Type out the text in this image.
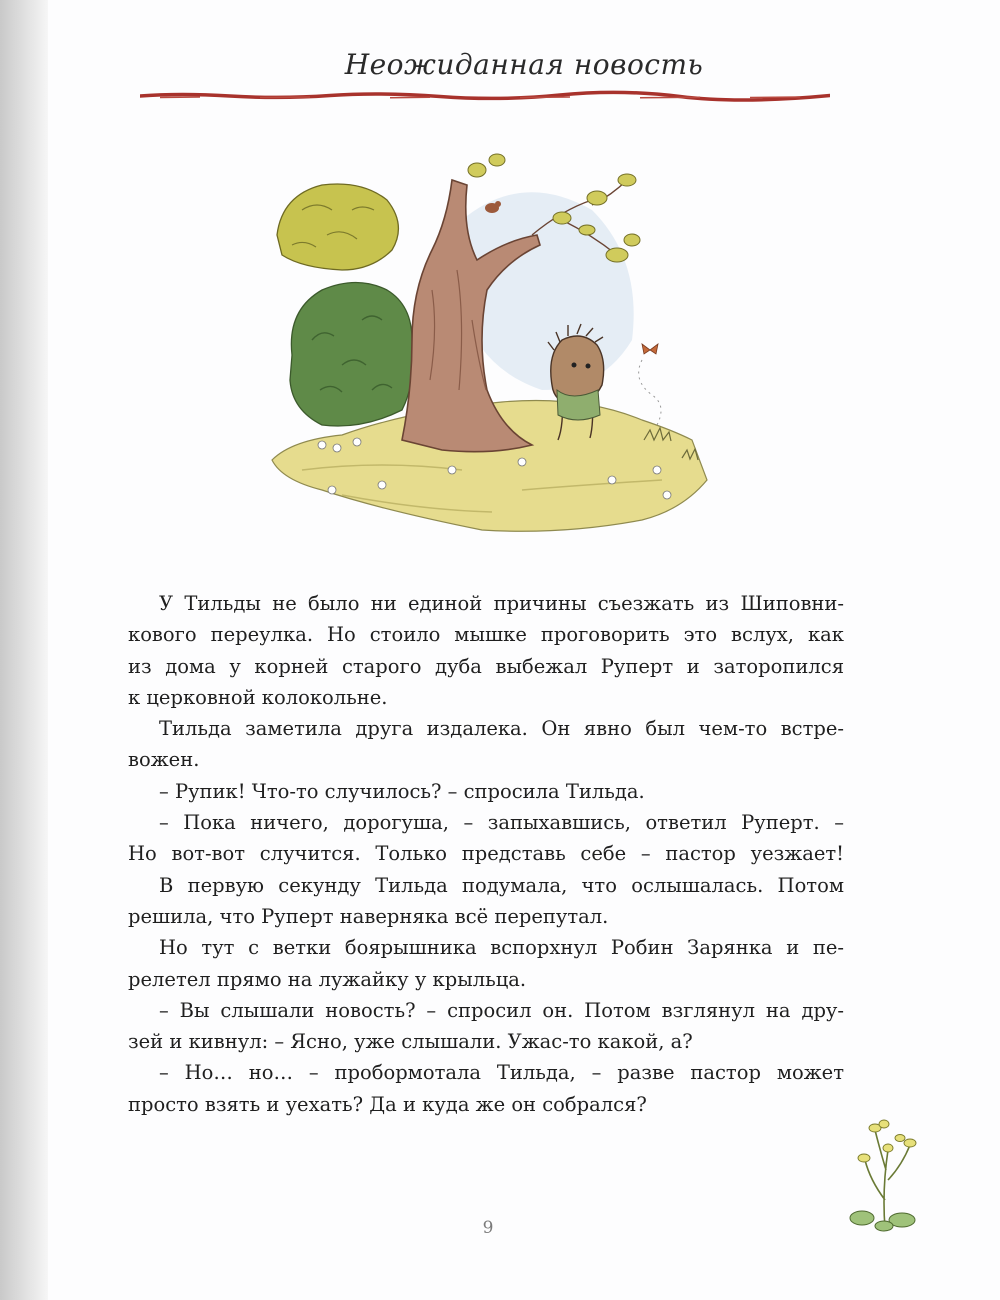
Неожиданная новость
У Тильды не было ни единой причины съезжать из Шиповни-
кового переулка. Но стоило мышке проговорить это вслух, как
из дома у корней старого дуба выбежал Руперт и заторопился
к церковной колокольне.
Тильда заметила друга издалека. Он явно был чем-то встре-
вожен.
– Рупик! Что-то случилось? – спросила Тильда.
– Пока ничего, дорогуша, – запыхавшись, ответил Руперт. –
Но вот-вот случится. Только представь себе – пастор уезжает!
В первую секунду Тильда подумала, что ослышалась. Потом
решила, что Руперт наверняка всё перепутал.
Но тут с ветки боярышника вспорхнул Робин Зарянка и пе-
релетел прямо на лужайку у крыльца.
– Вы слышали новость? – спросил он. Потом взглянул на дру-
зей и кивнул: – Ясно, уже слышали. Ужас-то какой, а?
– Но… но… – пробормотала Тильда, – разве пастор может
просто взять и уехать? Да и куда же он собрался?
9
